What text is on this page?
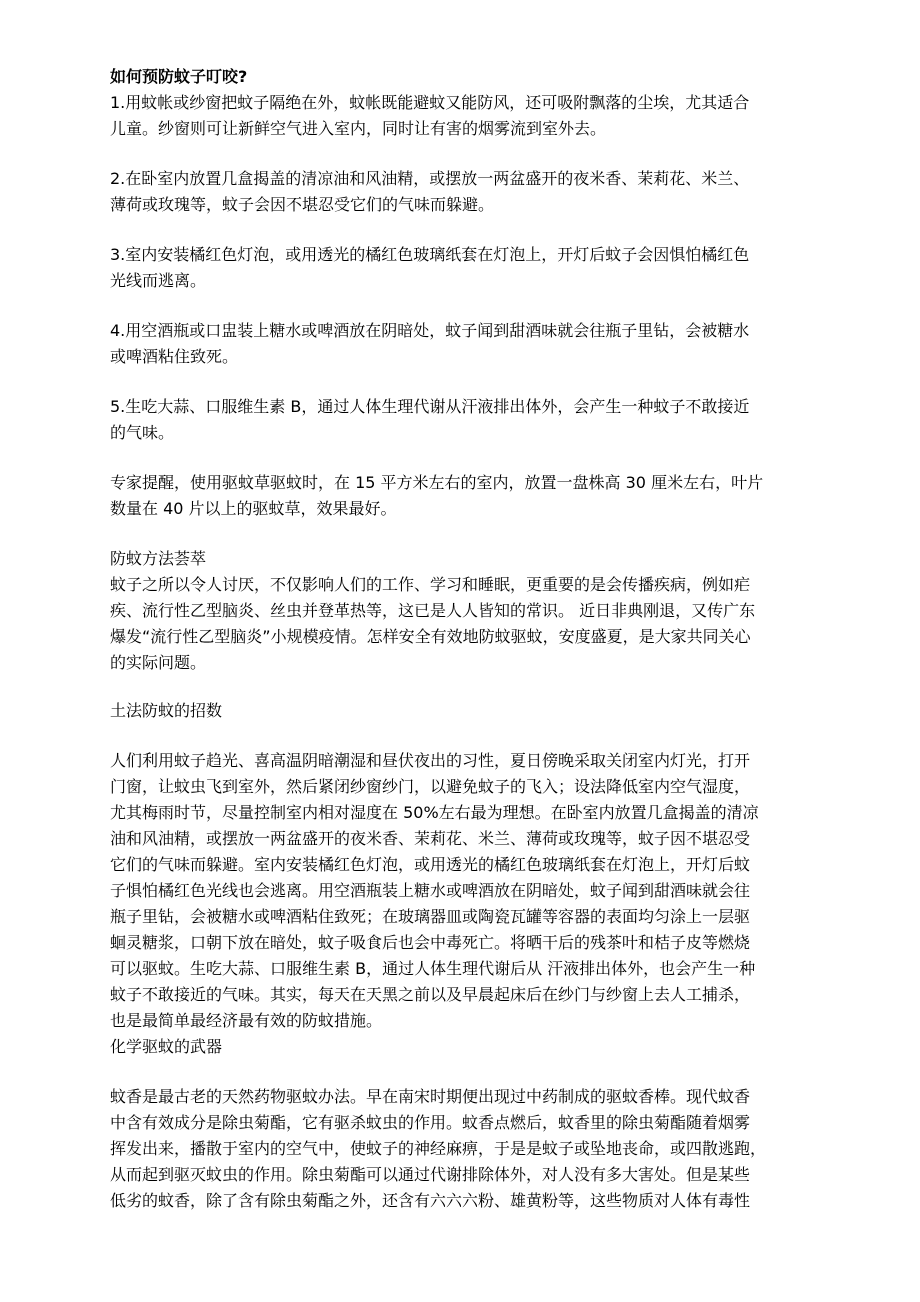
如何预防蚊子叮咬?
1.用蚊帐或纱窗把蚊子隔绝在外，蚊帐既能避蚊又能防风，还可吸附飘落的尘埃，尤其适合
儿童。纱窗则可让新鲜空气进入室内，同时让有害的烟雾流到室外去。
2.在卧室内放置几盒揭盖的清凉油和风油精，或摆放一两盆盛开的夜米香、茉莉花、米兰、
薄荷或玫瑰等，蚊子会因不堪忍受它们的气味而躲避。
3.室内安装橘红色灯泡，或用透光的橘红色玻璃纸套在灯泡上，开灯后蚊子会因惧怕橘红色
光线而逃离。
4.用空酒瓶或口盅装上糖水或啤酒放在阴暗处，蚊子闻到甜酒味就会往瓶子里钻，会被糖水
或啤酒粘住致死。
5.生吃大蒜、口服维生素 B，通过人体生理代谢从汗液排出体外，会产生一种蚊子不敢接近
的气味。
专家提醒，使用驱蚊草驱蚊时，在 15 平方米左右的室内，放置一盘株高 30 厘米左右，叶片
数量在 40 片以上的驱蚊草，效果最好。
防蚊方法荟萃
蚊子之所以令人讨厌，不仅影响人们的工作、学习和睡眠，更重要的是会传播疾病，例如疟
疾、流行性乙型脑炎、丝虫并登革热等，这已是人人皆知的常识。 近日非典刚退，又传广东
爆发“流行性乙型脑炎”小规模疫情。怎样安全有效地防蚊驱蚊，安度盛夏，是大家共同关心
的实际问题。
土法防蚊的招数
人们利用蚊子趋光、喜高温阴暗潮湿和昼伏夜出的习性，夏日傍晚采取关闭室内灯光，打开
门窗，让蚊虫飞到室外，然后紧闭纱窗纱门，以避免蚊子的飞入；设法降低室内空气湿度，
尤其梅雨时节，尽量控制室内相对湿度在 50%左右最为理想。在卧室内放置几盒揭盖的清凉
油和风油精，或摆放一两盆盛开的夜米香、茉莉花、米兰、薄荷或玫瑰等，蚊子因不堪忍受
它们的气味而躲避。室内安装橘红色灯泡，或用透光的橘红色玻璃纸套在灯泡上，开灯后蚊
子惧怕橘红色光线也会逃离。用空酒瓶装上糖水或啤酒放在阴暗处，蚊子闻到甜酒味就会往
瓶子里钻，会被糖水或啤酒粘住致死；在玻璃器皿或陶瓷瓦罐等容器的表面均匀涂上一层驱
蛔灵糖浆，口朝下放在暗处，蚊子吸食后也会中毒死亡。将晒干后的残茶叶和桔子皮等燃烧
可以驱蚊。生吃大蒜、口服维生素 B，通过人体生理代谢后从 汗液排出体外，也会产生一种
蚊子不敢接近的气味。其实，每天在天黑之前以及早晨起床后在纱门与纱窗上去人工捕杀，
也是最简单最经济最有效的防蚊措施。
化学驱蚊的武器
蚊香是最古老的天然药物驱蚊办法。早在南宋时期便出现过中药制成的驱蚊香棒。现代蚊香
中含有效成分是除虫菊酯，它有驱杀蚊虫的作用。蚊香点燃后，蚊香里的除虫菊酯随着烟雾
挥发出来，播散于室内的空气中，使蚊子的神经麻痹，于是是蚊子或坠地丧命，或四散逃跑，
从而起到驱灭蚊虫的作用。除虫菊酯可以通过代谢排除体外，对人没有多大害处。但是某些
低劣的蚊香，除了含有除虫菊酯之外，还含有六六六粉、雄黄粉等，这些物质对人体有毒性
